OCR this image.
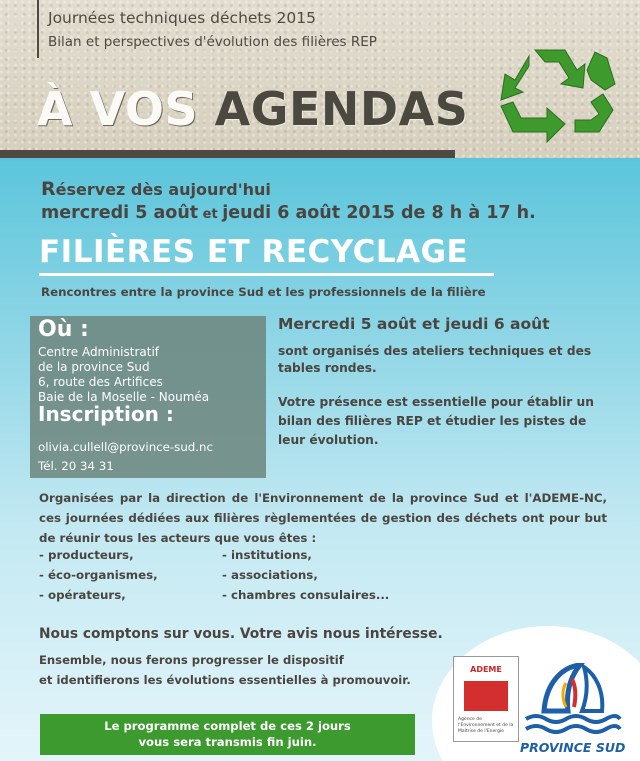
Journées techniques déchets 2015
Bilan et perspectives d'évolution des filières REP
À VOS AGENDAS
Réservez dès aujourd'hui
mercredi 5 août et jeudi 6 août 2015 de 8 h à 17 h.
FILIÈRES ET RECYCLAGE
Rencontres entre la province Sud et les professionnels de la filière
Où :
Centre Administratif
de la province Sud
6, route des Artifices
Baie de la Moselle - Nouméa
Inscription :
olivia.cullell@province-sud.nc
Tél. 20 34 31
Mercredi 5 août et jeudi 6 août
sont organisés des ateliers techniques et des
tables rondes.
Votre présence est essentielle pour établir un
bilan des filières REP et étudier les pistes de
leur évolution.
Organisées par la direction de l'Environnement de la province Sud et l'ADEME-NC, ces journées dédiées aux filières règlementées de gestion des déchets ont pour but de réunir tous les acteurs que vous êtes :
- producteurs,
- éco-organismes,
- opérateurs,
- institutions,
- associations,
- chambres consulaires...
Nous comptons sur vous. Votre avis nous intéresse.
Ensemble, nous ferons progresser le dispositif
et identifierons les évolutions essentielles à promouvoir.
Le programme complet de ces 2 jours
vous sera transmis fin juin.
ADEME
Agence de l'Environnement et de la Maîtrise de l'Energie
PROVINCE SUD
